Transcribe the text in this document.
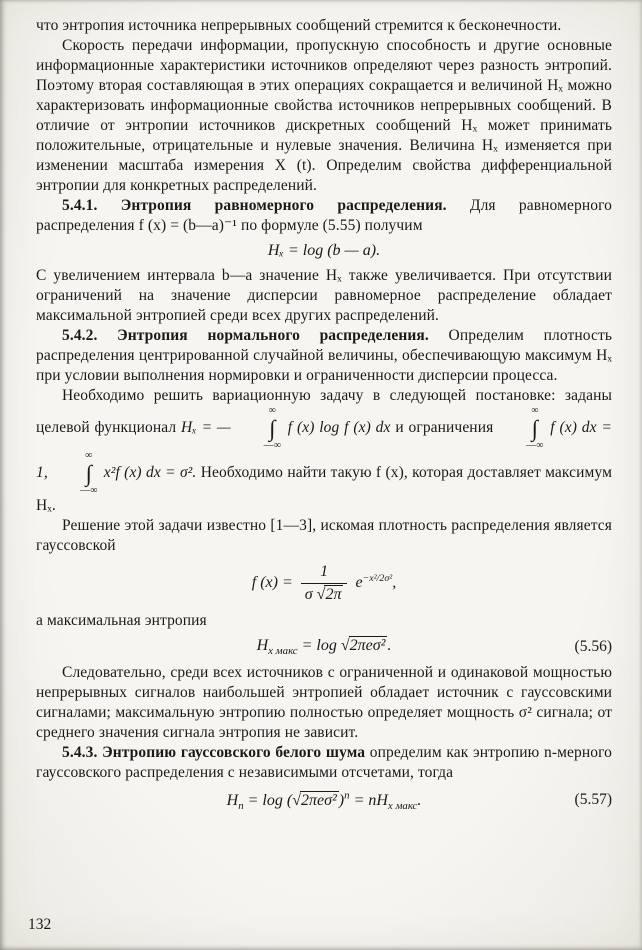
что энтропия источника непрерывных сообщений стремится к бесконечности.

Скорость передачи информации, пропускную способность и другие основные информационные характеристики источников определяют через разность энтропий. Поэтому вторая составляющая в этих операциях сокращается и величиной Hₓ можно характеризовать информационные свойства источников непрерывных сообщений. В отличие от энтропии источников дискретных сообщений Hₓ может принимать положительные, отрицательные и нулевые значения. Величина Hₓ изменяется при изменении масштаба измерения X (t). Определим свойства дифференциальной энтропии для конкретных распределений.

5.4.1. Энтропия равномерного распределения. Для равномерного распределения f (x) = (b—a)⁻¹ по формуле (5.55) получим

Hₓ = log (b — a).

С увеличением интервала b—a значение Hₓ также увеличивается. При отсутствии ограничений на значение дисперсии равномерное распределение обладает максимальной энтропией среди всех других распределений.

5.4.2. Энтропия нормального распределения. Определим плотность распределения центрированной случайной величины, обеспечивающую максимум Hₓ при условии выполнения нормировки и ограниченности дисперсии процесса.

Необходимо решить вариационную задачу в следующей постановке: заданы целевой функционал Hₓ = —
∞
∫
—∞
f (x) log f (x) dx и ограничения
∞
∫
—∞
f (x) dx = 1,
∞
∫
—∞
x²f (x) dx = σ². Необходимо найти такую f (x), которая доставляет максимум Hₓ.

Решение этой задачи известно [1—3], искомая плотность распределения является гауссовской

f $(x) = \frac{1}{\sigma √2\pi} e^{-x^2/2\sigma^2}$,

а максимальная энтропия

$H_{x макс} = \log √2\pi e\sigma^2$ .	(5.56)

Следовательно, среди всех источников с ограниченной и одинаковой мощностью непрерывных сигналов наибольшей энтропией обладает источник с гауссовскими сигналами; максимальную энтропию полностью определяет мощность σ² сигнала; от среднего значения сигнала энтропия не зависит.

5.4.3. Энтропию гауссовского белого шума определим как энтропию n-мерного гауссовского распределения с независимыми отсчетами, тогда

$H_n = \log (√2\pi e\sigma^2$ )$^n = nH_{x макс}$.	(5.57)
132
